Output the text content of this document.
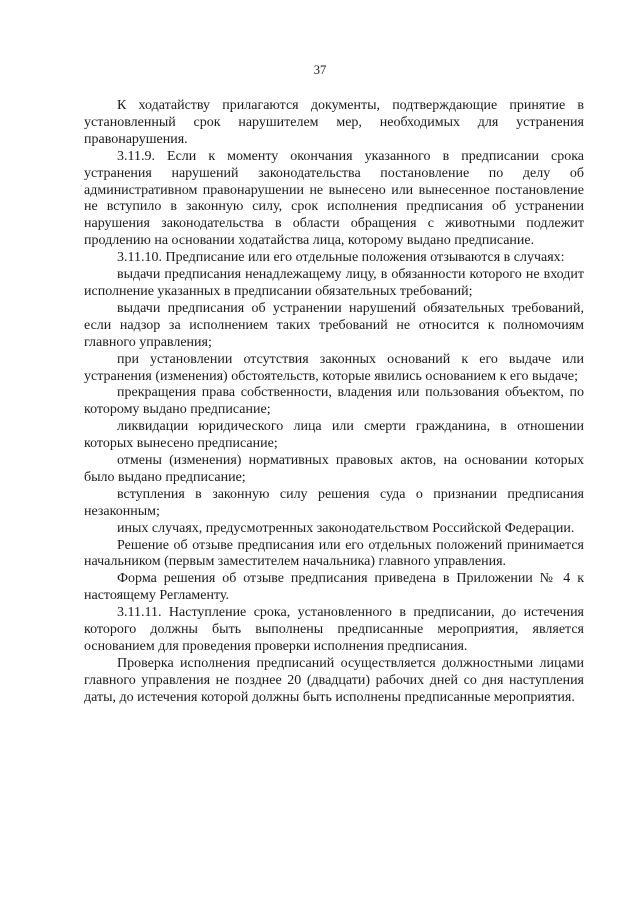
37

К ходатайству прилагаются документы, подтверждающие принятие в установленный срок нарушителем мер, необходимых для устранения правонарушения.

3.11.9. Если к моменту окончания указанного в предписании срока устранения нарушений законодательства постановление по делу об административном правонарушении не вынесено или вынесенное постановление не вступило в законную силу, срок исполнения предписания об устранении нарушения законодательства в области обращения с животными подлежит продлению на основании ходатайства лица, которому выдано предписание.

3.11.10. Предписание или его отдельные положения отзываются в случаях:

выдачи предписания ненадлежащему лицу, в обязанности которого не входит исполнение указанных в предписании обязательных требований;

выдачи предписания об устранении нарушений обязательных требований, если надзор за исполнением таких требований не относится к полномочиям главного управления;

при установлении отсутствия законных оснований к его выдаче или устранения (изменения) обстоятельств, которые явились основанием к его выдаче;

прекращения права собственности, владения или пользования объектом, по которому выдано предписание;

ликвидации юридического лица или смерти гражданина, в отношении которых вынесено предписание;

отмены (изменения) нормативных правовых актов, на основании которых было выдано предписание;

вступления в законную силу решения суда о признании предписания незаконным;

иных случаях, предусмотренных законодательством Российской Федерации.

Решение об отзыве предписания или его отдельных положений принимается начальником (первым заместителем начальника) главного управления.

Форма решения об отзыве предписания приведена в Приложении № 4 к настоящему Регламенту.

3.11.11. Наступление срока, установленного в предписании, до истечения которого должны быть выполнены предписанные мероприятия, является основанием для проведения проверки исполнения предписания.

Проверка исполнения предписаний осуществляется должностными лицами главного управления не позднее 20 (двадцати) рабочих дней со дня наступления даты, до истечения которой должны быть исполнены предписанные мероприятия.
